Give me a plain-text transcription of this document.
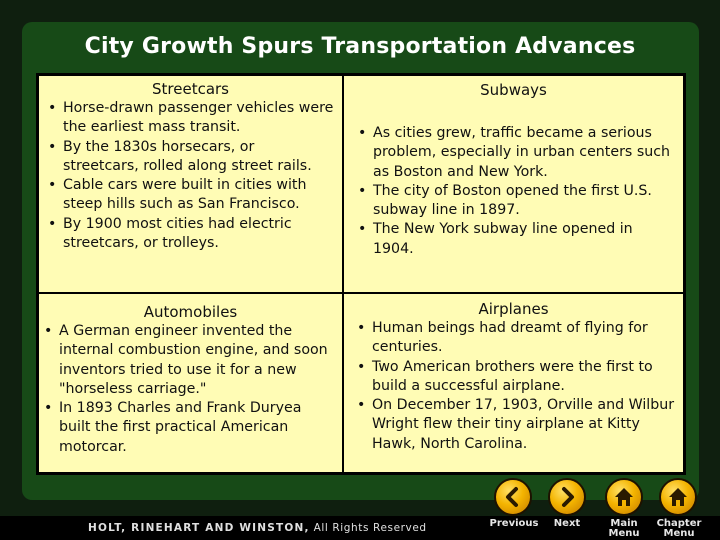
City Growth Spurs Transportation Advances
Streetcars
• Horse-drawn passenger vehicles were the earliest mass transit.
• By the 1830s horsecars, or streetcars, rolled along street rails.
• Cable cars were built in cities with steep hills such as San Francisco.
• By 1900 most cities had electric streetcars, or trolleys.
Subways
• As cities grew, traffic became a serious problem, especially in urban centers such as Boston and New York.
• The city of Boston opened the first U.S. subway line in 1897.
• The New York subway line opened in 1904.
Automobiles
• A German engineer invented the internal combustion engine, and soon inventors tried to use it for a new "horseless carriage."
• In 1893 Charles and Frank Duryea built the first practical American motorcar.
Airplanes
• Human beings had dreamt of flying for centuries.
• Two American brothers were the first to build a successful airplane.
• On December 17, 1903, Orville and Wilbur Wright flew their tiny airplane at Kitty Hawk, North Carolina.
HOLT, RINEHART AND WINSTON, All Rights Reserved	Previous	Next	Main
Menu
Chapter
Menu
